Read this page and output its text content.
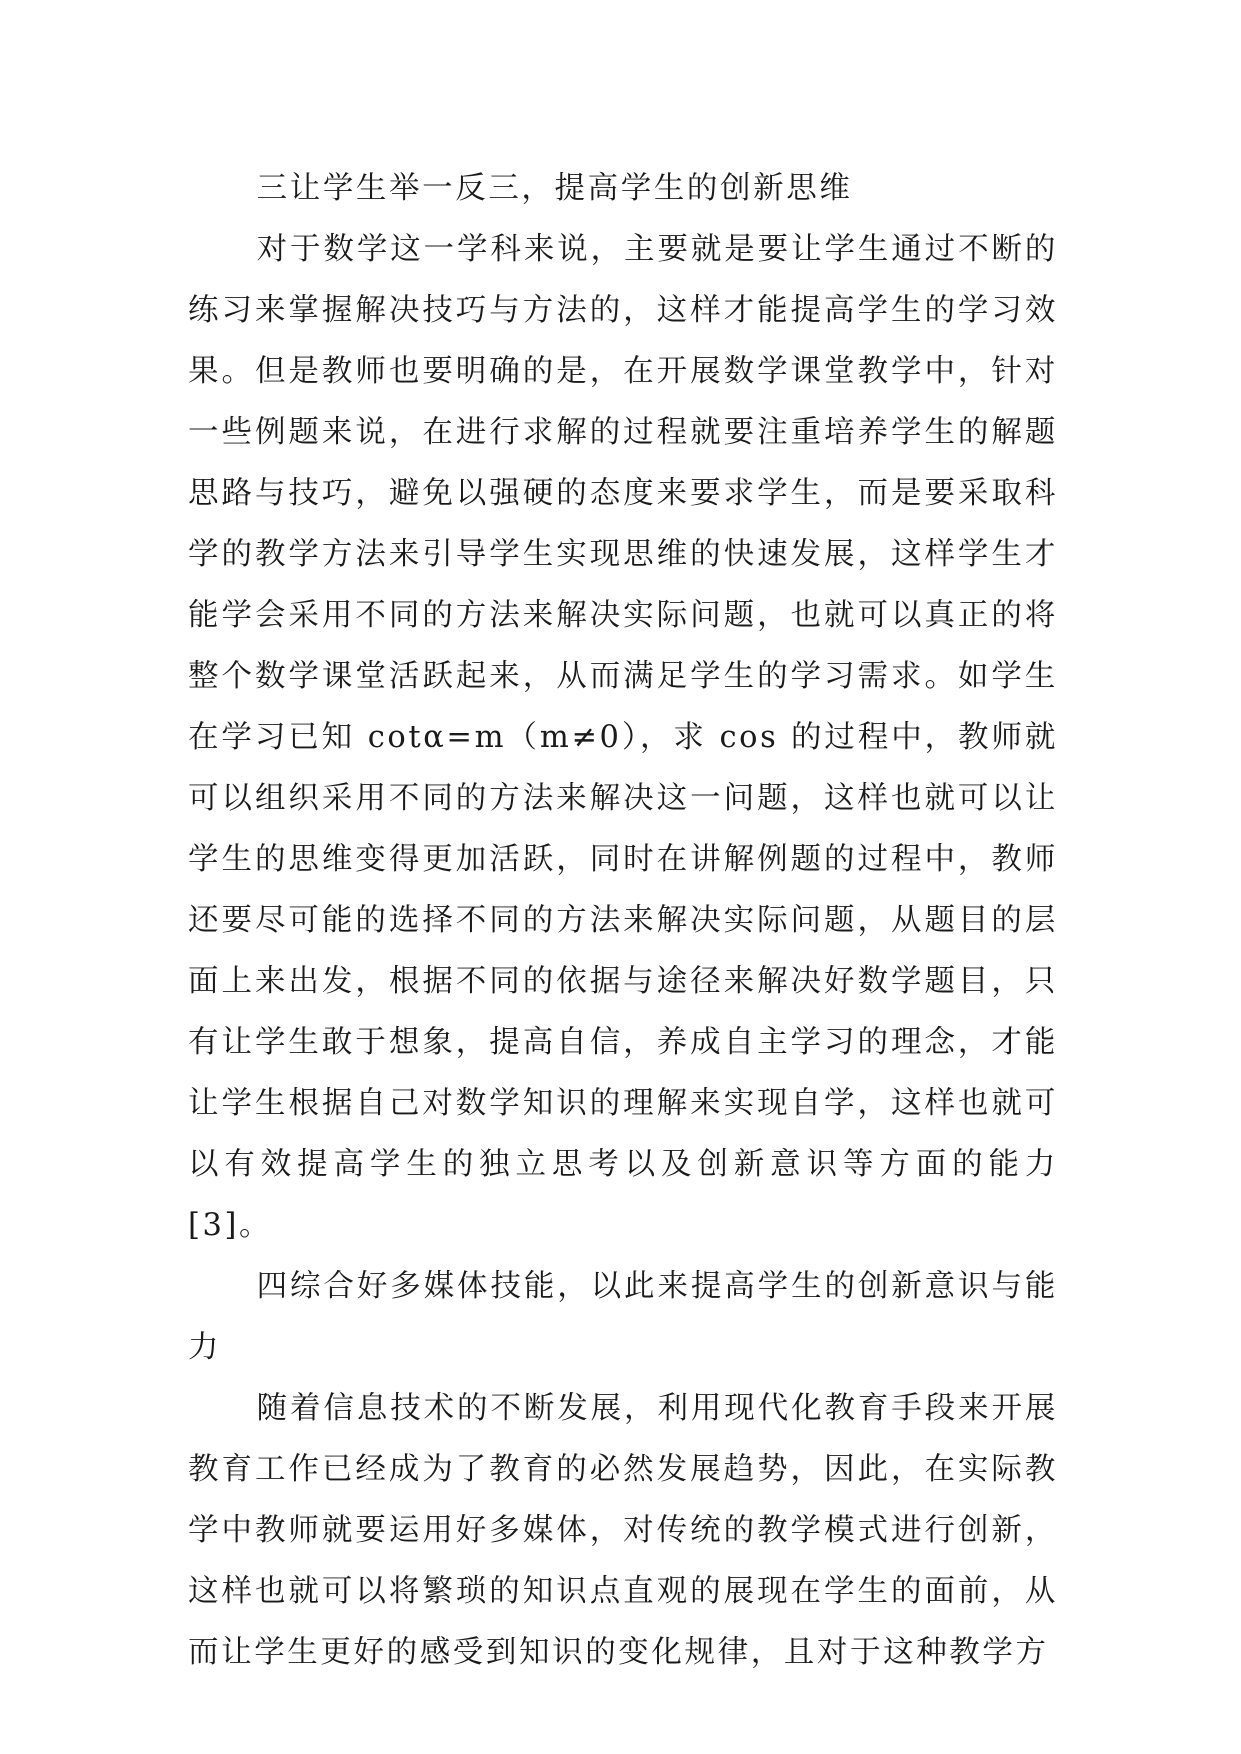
三让学生举一反三，提高学生的创新思维

对于数学这一学科来说，主要就是要让学生通过不断的练习来掌握解决技巧与方法的，这样才能提高学生的学习效果。但是教师也要明确的是，在开展数学课堂教学中，针对一些例题来说，在进行求解的过程就要注重培养学生的解题思路与技巧，避免以强硬的态度来要求学生，而是要采取科学的教学方法来引导学生实现思维的快速发展，这样学生才能学会采用不同的方法来解决实际问题，也就可以真正的将整个数学课堂活跃起来，从而满足学生的学习需求。如学生在学习已知 cotα=m（m≠0），求 cos 的过程中，教师就可以组织采用不同的方法来解决这一问题，这样也就可以让学生的思维变得更加活跃，同时在讲解例题的过程中，教师还要尽可能的选择不同的方法来解决实际问题，从题目的层面上来出发，根据不同的依据与途径来解决好数学题目，只有让学生敢于想象，提高自信，养成自主学习的理念，才能让学生根据自己对数学知识的理解来实现自学，这样也就可以有效提高学生的独立思考以及创新意识等方面的能力[3]。

四综合好多媒体技能，以此来提高学生的创新意识与能力

随着信息技术的不断发展，利用现代化教育手段来开展教育工作已经成为了教育的必然发展趋势，因此，在实际教学中教师就要运用好多媒体，对传统的教学模式进行创新，这样也就可以将繁琐的知识点直观的展现在学生的面前，从而让学生更好的感受到知识的变化规律，且对于这种教学方
